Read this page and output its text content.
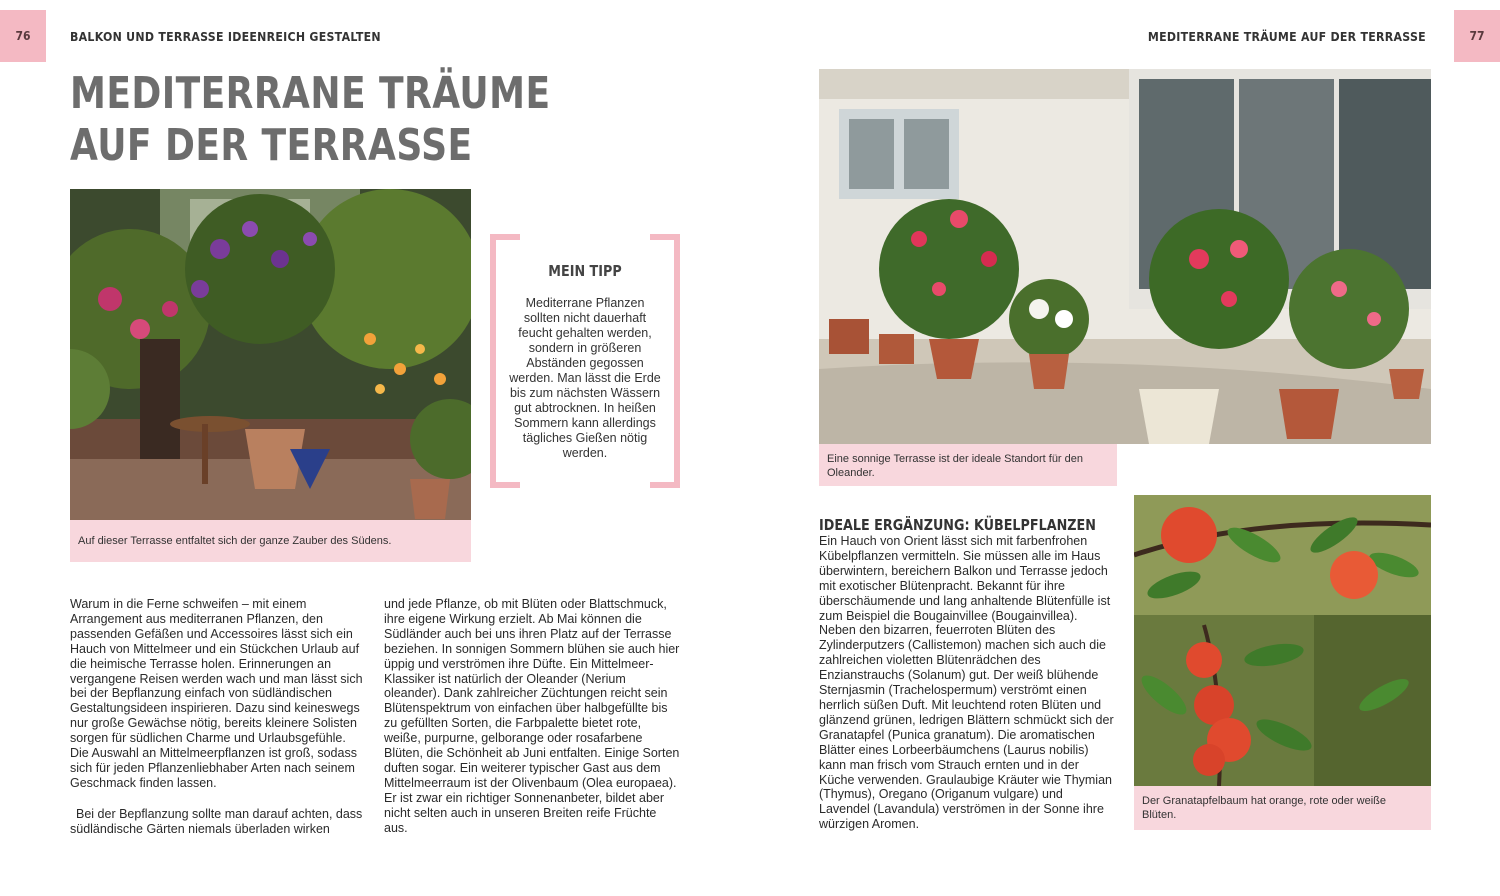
76	BALKON UND TERRASSE IDEENREICH GESTALTEN
MEDITERRANE TRÄUME
AUF DER TERRASSE
Auf dieser Terrasse entfaltet sich der ganze Zauber des Südens.
MEIN TIPP
Mediterrane Pflanzen sollten nicht dauerhaft feucht gehalten werden, sondern in größeren Abständen gegossen werden. Man lässt die Erde bis zum nächsten Wässern gut abtrocknen. In heißen Sommern kann allerdings tägliches Gießen nötig werden.

Warum in die Ferne schweifen – mit einem Arrangement aus mediterranen Pflanzen, den passenden Gefäßen und Accessoires lässt sich ein Hauch von Mittelmeer und ein Stückchen Urlaub auf die heimische Terrasse holen. Erinnerungen an vergangene Reisen werden wach und man lässt sich bei der Bepflanzung einfach von südländischen Gestaltungsideen inspirieren. Dazu sind keineswegs nur große Gewächse nötig, bereits kleinere Solisten sorgen für südlichen Charme und Urlaubsgefühle. Die Auswahl an Mittelmeerpflanzen ist groß, sodass sich für jeden Pflanzenliebhaber Arten nach seinem Geschmack finden lassen.

Bei der Bepflanzung sollte man darauf achten, dass südländische Gärten niemals überladen wirken

und jede Pflanze, ob mit Blüten oder Blattschmuck, ihre eigene Wirkung erzielt. Ab Mai können die Südländer auch bei uns ihren Platz auf der Terrasse beziehen. In sonnigen Sommern blühen sie auch hier üppig und verströmen ihre Düfte. Ein Mittelmeer-Klassiker ist natürlich der Oleander (Nerium oleander). Dank zahlreicher Züchtungen reicht sein Blütenspektrum von einfachen über halbgefüllte bis zu gefüllten Sorten, die Farbpalette bietet rote, weiße, purpurne, gelborange oder rosafarbene Blüten, die Schönheit ab Juni entfalten. Einige Sorten duften sogar. Ein weiterer typischer Gast aus dem Mittelmeerraum ist der Olivenbaum (Olea europaea). Er ist zwar ein richtiger Sonnenanbeter, bildet aber nicht selten auch in unseren Breiten reife Früchte aus.

MEDITERRANE TRÄUME AUF DER TERRASSE	77
Eine sonnige Terrasse ist der ideale Standort für den Oleander.
IDEALE ERGÄNZUNG: KÜBELPFLANZEN

Ein Hauch von Orient lässt sich mit farbenfrohen Kübelpflanzen vermitteln. Sie müssen alle im Haus überwintern, bereichern Balkon und Terrasse jedoch mit exotischer Blütenpracht. Bekannt für ihre überschäumende und lang anhaltende Blütenfülle ist zum Beispiel die Bougainvillee (Bougainvillea). Neben den bizarren, feuerroten Blüten des Zylinderputzers (Callistemon) machen sich auch die zahlreichen violetten Blütenrädchen des Enzianstrauchs (Solanum) gut. Der weiß blühende Sternjasmin (Trachelospermum) verströmt einen herrlich süßen Duft. Mit leuchtend roten Blüten und glänzend grünen, ledrigen Blättern schmückt sich der Granatapfel (Punica granatum). Die aromatischen Blätter eines Lorbeerbäumchens (Laurus nobilis) kann man frisch vom Strauch ernten und in der Küche verwenden. Graulaubige Kräuter wie Thymian (Thymus), Oregano (Origanum vulgare) und Lavendel (Lavandula) verströmen in der Sonne ihre würzigen Aromen.

Der Granatapfelbaum hat orange, rote oder weiße Blüten.
